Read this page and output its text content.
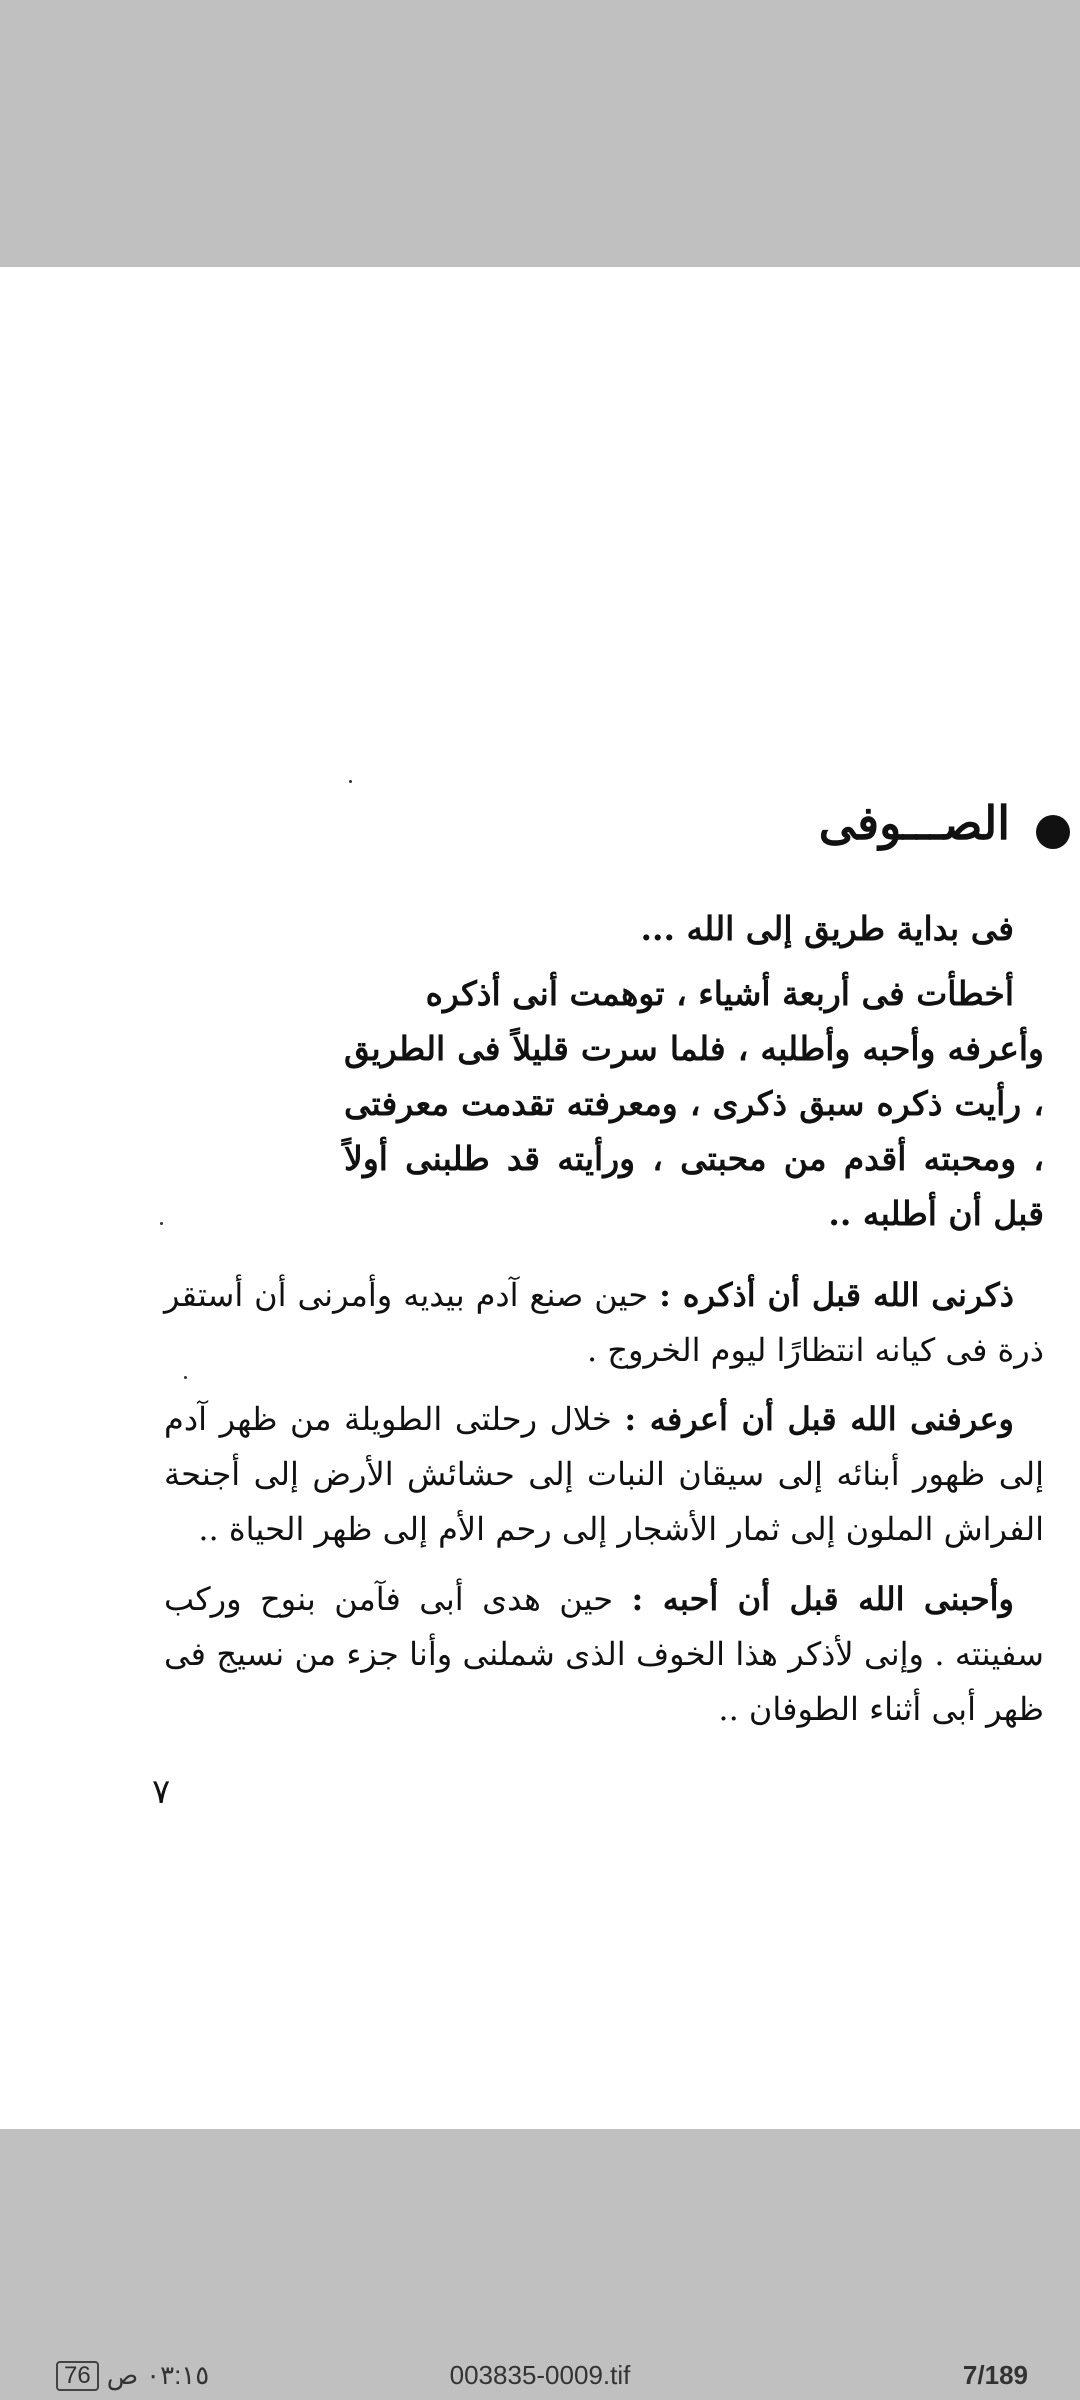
الصـــوفى
فى بداية طريق إلى الله ...
أخطأت فى أربعة أشياء ، توهمت أنى أذكره
وأعرفه وأحبه وأطلبه ، فلما سرت قليلاً فى الطريق ، رأيت ذكره سبق ذكرى ، ومعرفته تقدمت معرفتى ، ومحبته أقدم من محبتى ، ورأيته قد طلبنى أولاً قبل أن أطلبه ..
ذكرنى الله قبل أن أذكره : حين صنع آدم بيديه وأمرنى أن أستقر ذرة فى كيانه انتظارًا ليوم الخروج .
وعرفنى الله قبل أن أعرفه : خلال رحلتى الطويلة من ظهر آدم إلى ظهور أبنائه إلى سيقان النبات إلى حشائش الأرض إلى أجنحة الفراش الملون إلى ثمار الأشجار إلى رحم الأم إلى ظهر الحياة ..
وأحبنى الله قبل أن أحبه : حين هدى أبى فآمن بنوح وركب سفينته . وإنى لأذكر هذا الخوف الذى شملنى وأنا جزء من نسيج فى ظهر أبى أثناء الطوفان ..
٧
76 ص ٠٣:١٥	003835-0009.tif	7/189
